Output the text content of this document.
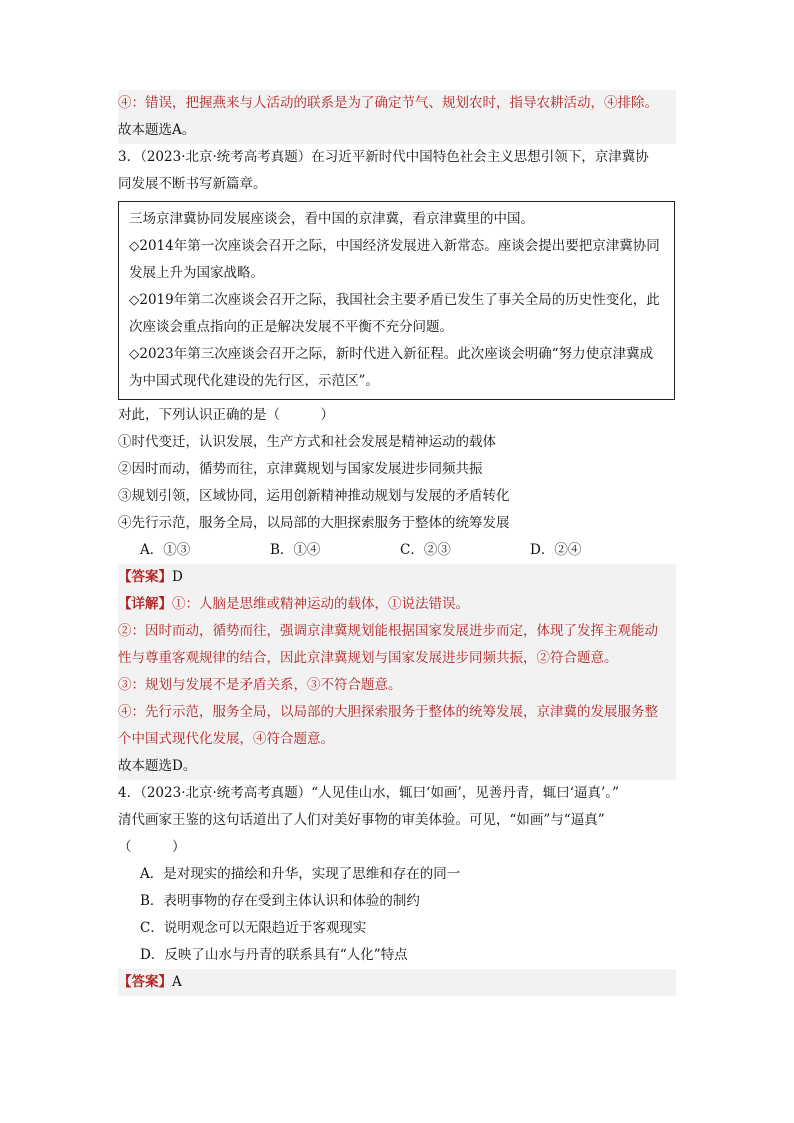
④：错误，把握燕来与人活动的联系是为了确定节气、规划农时，指导农耕活动，④排除。
故本题选A。
3．（2023·北京·统考高考真题）在习近平新时代中国特色社会主义思想引领下，京津冀协
同发展不断书写新篇章。
三场京津冀协同发展座谈会，看中国的京津冀，看京津冀里的中国。
◇2014年第一次座谈会召开之际，中国经济发展进入新常态。座谈会提出要把京津冀协同
发展上升为国家战略。
◇2019年第二次座谈会召开之际，我国社会主要矛盾已发生了事关全局的历史性变化，此
次座谈会重点指向的正是解决发展不平衡不充分问题。
◇2023年第三次座谈会召开之际，新时代进入新征程。此次座谈会明确“努力使京津冀成
为中国式现代化建设的先行区，示范区”。
对此，下列认识正确的是（　　　）
①时代变迁，认识发展，生产方式和社会发展是精神运动的载体
②因时而动，循势而往，京津冀规划与国家发展进步同频共振
③规划引领，区域协同，运用创新精神推动规划与发展的矛盾转化
④先行示范，服务全局，以局部的大胆探索服务于整体的统筹发展
A．①③	B．①④	C．②③	D．②④
【答案】D
【详解】①：人脑是思维或精神运动的载体，①说法错误。
②：因时而动，循势而往，强调京津冀规划能根据国家发展进步而定，体现了发挥主观能动
性与尊重客观规律的结合，因此京津冀规划与国家发展进步同频共振，②符合题意。
③：规划与发展不是矛盾关系，③不符合题意。
④：先行示范，服务全局，以局部的大胆探索服务于整体的统筹发展，京津冀的发展服务整
个中国式现代化发展，④符合题意。
故本题选D。
4．（2023·北京·统考高考真题）“人见佳山水，辄曰‘如画’，见善丹青，辄曰‘逼真’。”
清代画家王鉴的这句话道出了人们对美好事物的审美体验。可见，“如画”与“逼真”
（　　　）
A．是对现实的描绘和升华，实现了思维和存在的同一
B．表明事物的存在受到主体认识和体验的制约
C．说明观念可以无限趋近于客观现实
D．反映了山水与丹青的联系具有“人化”特点
【答案】A
